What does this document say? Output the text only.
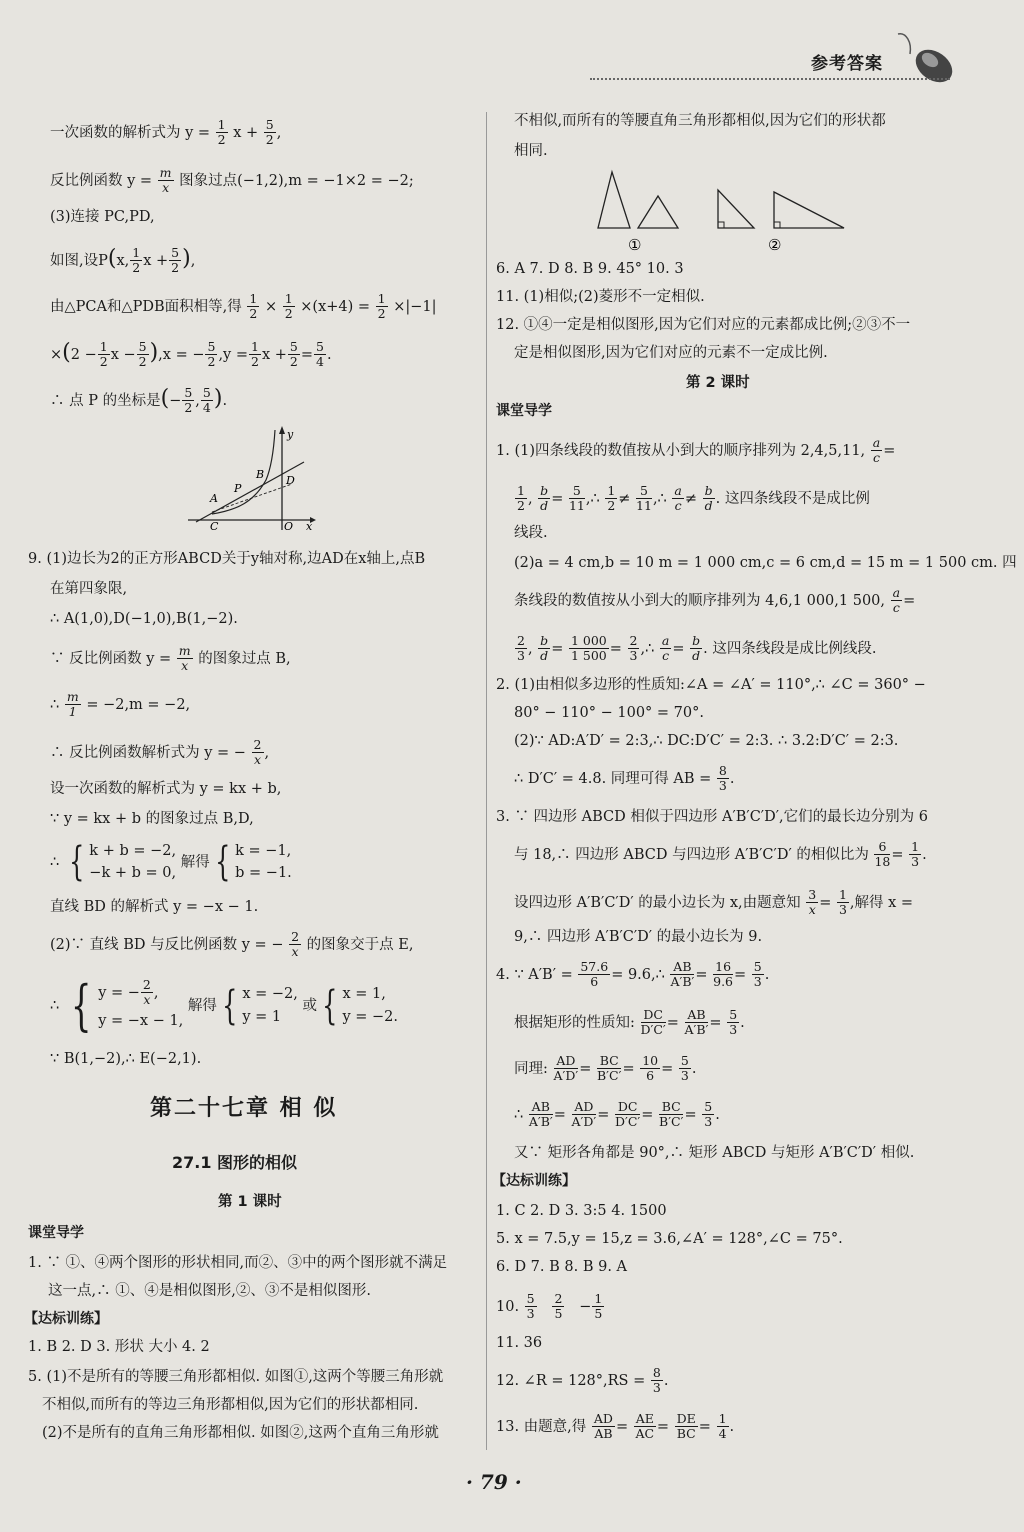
参考答案
一次函数的解析式为 $y = \frac{1}{2}$ $x + \frac{5}{2}$ ,
反比例函数 $y = \frac{m}{x}$ 图象过点(−1,2),m = −1×2 = −2;
(3)连接 PC,PD,
如图,设P(x, $\frac{1}{2}$ $x + \frac{5}{2}$ ),
由△PCA和△PDB面积相等,得 $\frac{1}{2} \times \frac{1}{2} \times(x+4) = \frac{1}{2} \times|-1|$
$\times(2 - \frac{1}{2}$ $x - \frac{5}{2} ),x$ = − $\frac{5}{2} ,y = \frac{1}{2}$ $x + \frac{5}{2} = \frac{5}{4}$ .
∴ 点 P 的坐标是(− $\frac{5}{2}$ , $\frac{5}{4}$ ).
y
B
P
A
D
C	O x
9. (1)边长为2的正方形ABCD关于y轴对称,边AD在x轴上,点B
在第四象限,
∴ A(1,0),D(−1,0),B(1,−2).
∵ 反比例函数 $y = \frac{m}{x}$ 的图象过点 B,
∴ $\frac{m}{1} = -2,m = -2$,
∴ 反比例函数解析式为 y = − $\frac{2}{x}$ ,
设一次函数的解析式为 y = kx + b,
∵ y = kx + b 的图象过点 B,D,
∴ { k + b = −2,
−k + b = 0, 解得 { k = −1,
b = −1.
直线 BD 的解析式 y = −x − 1.
(2)∵ 直线 BD 与反比例函数 y = − $\frac{2}{x}$ 的图象交于点 E,
∴ { y = − $\frac{2}{x}$ ,
y = −x − 1, 解得 { x = −2,
y = 1 或 { x = 1,
y = −2.
∵ B(1,−2),∴ E(−2,1).
第二十七章 相 似
27.1 图形的相似
第 1 课时
课堂导学
1. ∵ ①、④两个图形的形状相同,而②、③中的两个图形就不满足
这一点,∴ ①、④是相似图形,②、③不是相似图形.
【达标训练】
1. B 2. D 3. 形状 大小 4. 2
5. (1)不是所有的等腰三角形都相似. 如图①,这两个等腰三角形就
不相似,而所有的等边三角形都相似,因为它们的形状都相同.
(2)不是所有的直角三角形都相似. 如图②,这两个直角三角形就
不相似,而所有的等腰直角三角形都相似,因为它们的形状都
相同.
①	②
6. A 7. D 8. B 9. 45° 10. 3
11. (1)相似;(2)菱形不一定相似.
12. ①④一定是相似图形,因为它们对应的元素都成比例;②③不一
定是相似图形,因为它们对应的元素不一定成比例.
第 2 课时
课堂导学
1. (1)四条线段的数值按从小到大的顺序排列为 2,4,5,11, $\frac{a}{c}$ =
$\frac{1}{2}$ , $\frac{b}{d} = \frac{5}{11}$ ,∴ $\frac{1}{2} \ne \frac{5}{11}$ ,∴ $\frac{a}{c} \ne \frac{b}{d}$ . 这四条线段不是成比例
线段.
(2)a = 4 cm,b = 10 m = 1 000 cm,c = 6 cm,d = 15 m = 1 500 cm. 四
条线段的数值按从小到大的顺序排列为 4,6,1 000,1 500, $\frac{a}{c}$ =
$\frac{2}{3}$ , $\frac{b}{d} = \frac{1 000}{1 500} = \frac{2}{3}$ ,∴ $\frac{a}{c} = \frac{b}{d}$ . 这四条线段是成比例线段.
2. (1)由相似多边形的性质知:∠A = ∠A′ = 110°,∴ ∠C = 360° −
80° − 110° − 100° = 70°.
(2)∵ AD:A′D′ = 2:3,∴ DC:D′C′ = 2:3. ∴ 3.2:D′C′ = 2:3.
∴ D′C′ = 4.8. 同理可得 AB = $\frac{8}{3}$ .
3. ∵ 四边形 ABCD 相似于四边形 A′B′C′D′,它们的最长边分别为 6
与 18,∴ 四边形 ABCD 与四边形 A′B′C′D′ 的相似比为 $\frac{6}{18} = \frac{1}{3}$ .
设四边形 A′B′C′D′ 的最小边长为 x,由题意知 $\frac{3}{x} = \frac{1}{3}$ ,解得 x =
9,∴ 四边形 A′B′C′D′ 的最小边长为 9.
4. ∵ $A'B' = \frac{57.6}{6}$ = 9.6,∴ $\frac{AB}{A'B'} = \frac{16}{9.6} = \frac{5}{3}$ .
根据矩形的性质知: $\frac{DC}{D'C'} = \frac{AB}{A'B'} = \frac{5}{3}$ .
同理: $\frac{AD}{A'D'} = \frac{BC}{B'C'} = \frac{10}{6} = \frac{5}{3}$ .
∴ $\frac{AB}{A'B'} = \frac{AD}{A'D'} = \frac{DC}{D'C'} = \frac{BC}{B'C'} = \frac{5}{3}$ .
又∵ 矩形各角都是 90°,∴ 矩形 ABCD 与矩形 A′B′C′D′ 相似.
【达标训练】
1. C 2. D 3. 3:5 4. 1500
5. x = 7.5,y = 15,z = 3.6,∠A′ = 128°,∠C = 75°.
6. D 7. B 8. B 9. A
10. $\frac{5}{3}$
$\frac{2}{5} - \frac{1}{5}$
11. 36
12. ∠R = $128^\circ,RS = \frac{8}{3}$ .
13. 由题意,得 $\frac{AD}{AB} = \frac{AE}{AC} = \frac{DE}{BC} = \frac{1}{4}$ .
· 79 ·
